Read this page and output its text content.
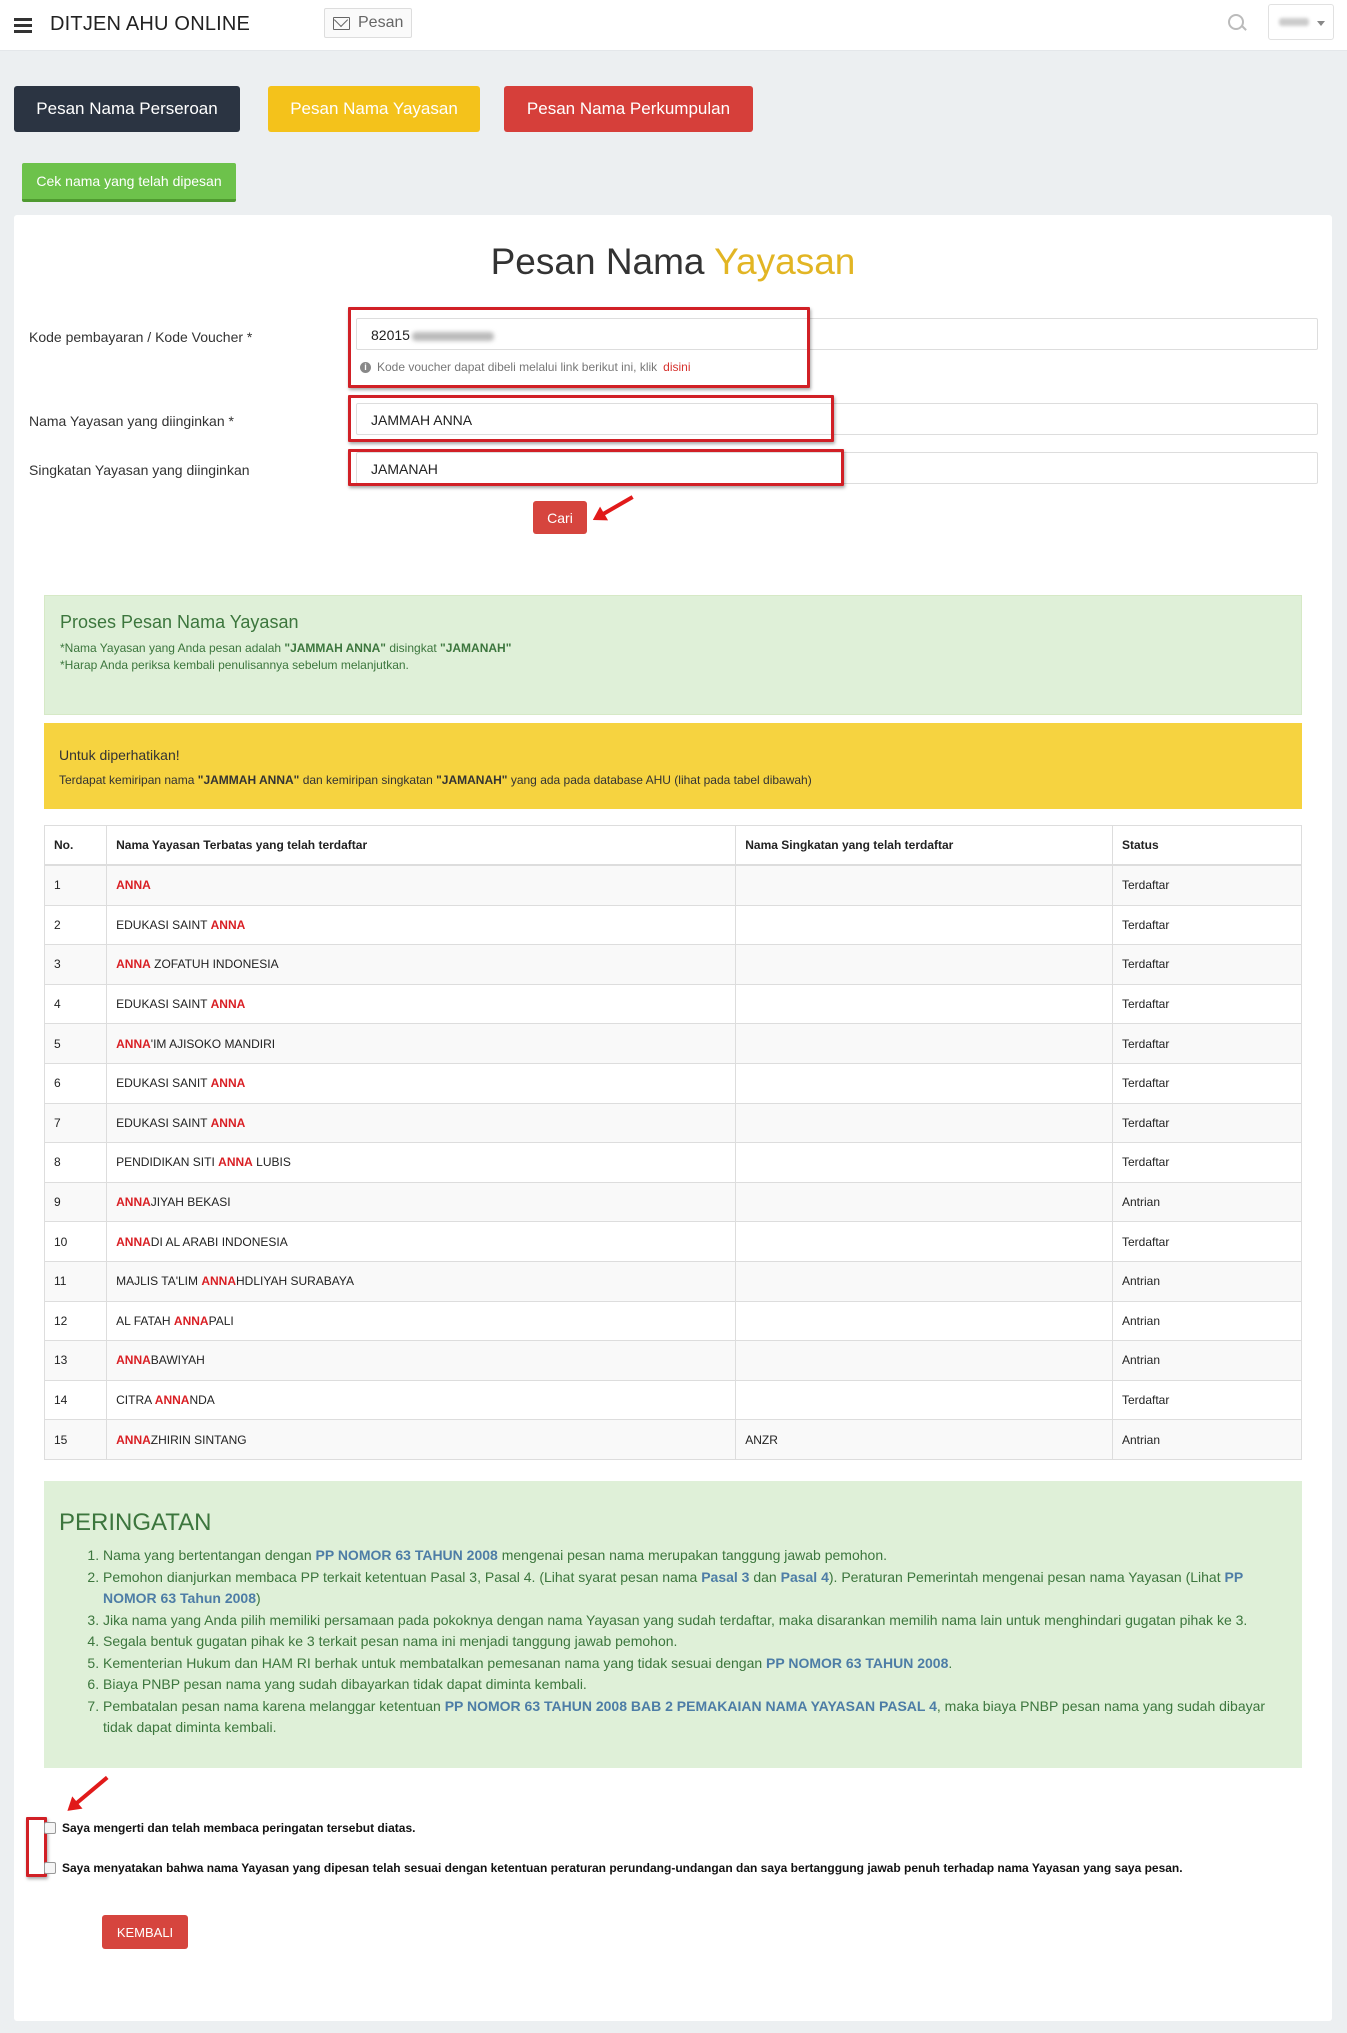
DITJEN AHU ONLINE	Pesan
Pesan Nama Perseroan	Pesan Nama Yayasan	Pesan Nama Perkumpulan
Cek nama yang telah dipesan
Pesan Nama Yayasan
Kode pembayaran / Kode Voucher *	82015
i Kode voucher dapat dibeli melalui link berikut ini, klik disini
Nama Yayasan yang diinginkan *	JAMMAH ANNA
Singkatan Yayasan yang diinginkan	JAMANAH
Cari
Proses Pesan Nama Yayasan

*Nama Yayasan yang Anda pesan adalah "JAMMAH ANNA" disingkat "JAMANAH"

*Harap Anda periksa kembali penulisannya sebelum melanjutkan.

Untuk diperhatikan!

Terdapat kemiripan nama "JAMMAH ANNA" dan kemiripan singkatan "JAMANAH" yang ada pada database AHU (lihat pada tabel dibawah)

No.	Nama Yayasan Terbatas yang telah terdaftar	Nama Singkatan yang telah terdaftar	Status
1	ANNA		Terdaftar
2	EDUKASI SAINT ANNA		Terdaftar
3	ANNA ZOFATUH INDONESIA		Terdaftar
4	EDUKASI SAINT ANNA		Terdaftar
5	ANNA'IM AJISOKO MANDIRI		Terdaftar
6	EDUKASI SANIT ANNA		Terdaftar
7	EDUKASI SAINT ANNA		Terdaftar
8	PENDIDIKAN SITI ANNA LUBIS		Terdaftar
9	ANNAJIYAH BEKASI		Antrian
10	ANNADI AL ARABI INDONESIA		Terdaftar
11	MAJLIS TA'LIM ANNAHDLIYAH SURABAYA		Antrian
12	AL FATAH ANNAPALI		Antrian
13	ANNABAWIYAH		Antrian
14	CITRA ANNANDA		Terdaftar
15	ANNAZHIRIN SINTANG	ANZR	Antrian
PERINGATAN
1. Nama yang bertentangan dengan PP NOMOR 63 TAHUN 2008 mengenai pesan nama merupakan tanggung jawab pemohon.
2. Pemohon dianjurkan membaca PP terkait ketentuan Pasal 3, Pasal 4. (Lihat syarat pesan nama Pasal 3 dan Pasal 4). Peraturan Pemerintah mengenai pesan nama Yayasan (Lihat PP NOMOR 63 Tahun 2008)
3. Jika nama yang Anda pilih memiliki persamaan pada pokoknya dengan nama Yayasan yang sudah terdaftar, maka disarankan memilih nama lain untuk menghindari gugatan pihak ke 3.
4. Segala bentuk gugatan pihak ke 3 terkait pesan nama ini menjadi tanggung jawab pemohon.
5. Kementerian Hukum dan HAM RI berhak untuk membatalkan pemesanan nama yang tidak sesuai dengan PP NOMOR 63 TAHUN 2008.
6. Biaya PNBP pesan nama yang sudah dibayarkan tidak dapat diminta kembali.
7. Pembatalan pesan nama karena melanggar ketentuan PP NOMOR 63 TAHUN 2008 BAB 2 PEMAKAIAN NAMA YAYASAN PASAL 4, maka biaya PNBP pesan nama yang sudah dibayar tidak dapat diminta kembali.
Saya mengerti dan telah membaca peringatan tersebut diatas.
Saya menyatakan bahwa nama Yayasan yang dipesan telah sesuai dengan ketentuan peraturan perundang-undangan dan saya bertanggung jawab penuh terhadap nama Yayasan yang saya pesan.
KEMBALI
